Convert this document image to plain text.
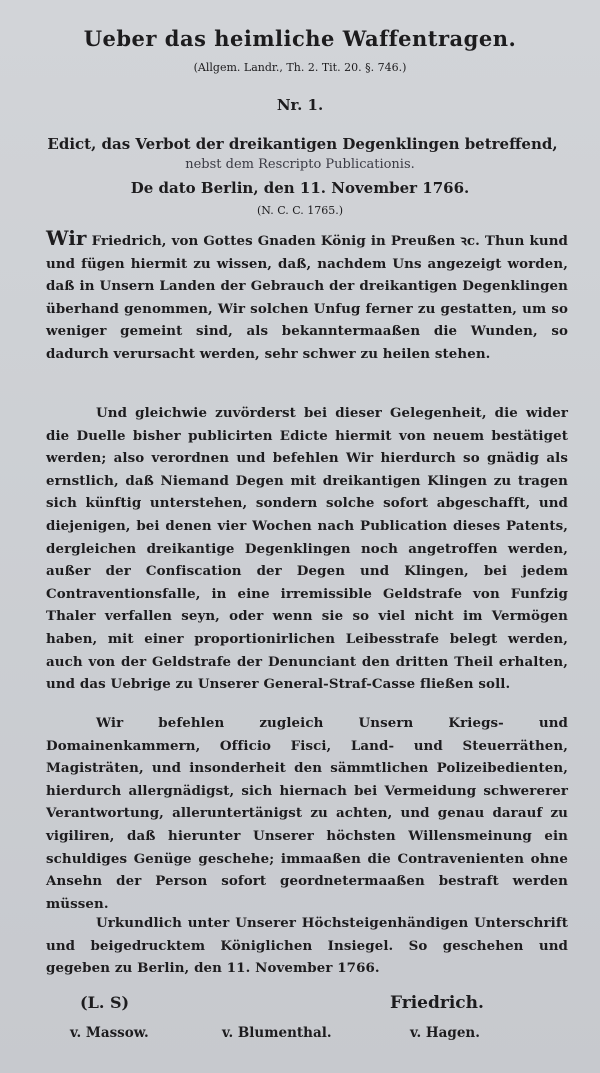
Ueber das heimliche Waffentragen.
(Allgem. Landr., Th. 2. Tit. 20. §. 746.)
Nr. 1.
Edict, das Verbot der dreikantigen Degenklingen betreffend,
nebst dem Rescripto Publicationis.
De dato Berlin, den 11. November 1766.
(N. C. C. 1765.)

Wir Friedrich, von Gottes Gnaden König in Preußen ꝛc. Thun kund und fügen hiermit zu wissen, daß, nachdem Uns angezeigt worden, daß in Unsern Landen der Gebrauch der dreikantigen Degenklingen überhand genommen, Wir solchen Unfug ferner zu gestatten, um so weniger gemeint sind, als bekanntermaaßen die Wunden, so dadurch verursacht werden, sehr schwer zu heilen stehen.

Und gleichwie zuvörderst bei dieser Gelegenheit, die wider die Duelle bisher publicirten Edicte hiermit von neuem bestätiget werden; also verordnen und befehlen Wir hierdurch so gnädig als ernstlich, daß Niemand Degen mit dreikantigen Klingen zu tragen sich künftig unterstehen, sondern solche sofort abgeschafft, und diejenigen, bei denen vier Wochen nach Publication dieses Patents, dergleichen dreikantige Degenklingen noch angetroffen werden, außer der Confiscation der Degen und Klingen, bei jedem Contraventionsfalle, in eine irremissible Geldstrafe von Funfzig Thaler verfallen seyn, oder wenn sie so viel nicht im Vermögen haben, mit einer proportionirlichen Leibesstrafe belegt werden, auch von der Geldstrafe der Denunciant den dritten Theil erhalten, und das Uebrige zu Unserer General-Straf-Casse fließen soll.

Wir befehlen zugleich Unsern Kriegs- und Domainenkammern, Officio Fisci, Land- und Steuerräthen, Magisträten, und insonderheit den sämmtlichen Polizeibedienten, hierdurch allergnädigst, sich hiernach bei Vermeidung schwererer Verantwortung, alleruntertänigst zu achten, und genau darauf zu vigiliren, daß hierunter Unserer höchsten Willensmeinung ein schuldiges Genüge geschehe; immaaßen die Contravenienten ohne Ansehn der Person sofort geordnetermaaßen bestraft werden müssen.

Urkundlich unter Unserer Höchsteigenhändigen Unterschrift und beigedrucktem Königlichen Insiegel. So geschehen und gegeben zu Berlin, den 11. November 1766.

(L. S)	Friedrich.
v. Massow.	v. Blumenthal.	v. Hagen.
